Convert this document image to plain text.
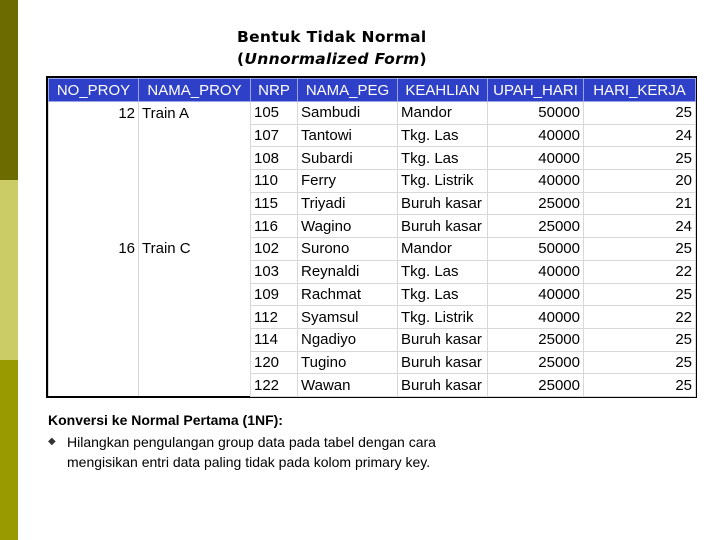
Bentuk Tidak Normal
(Unnormalized Form)
NO_PROY	NAMA_PROY	NRP	NAMA_PEG	KEAHLIAN	UPAH_HARI	HARI_KERJA
12	Train A	105	Sambudi	Mandor	50000	25
		107	Tantowi	Tkg. Las	40000	24
		108	Subardi	Tkg. Las	40000	25
		110	Ferry	Tkg. Listrik	40000	20
		115	Triyadi	Buruh kasar	25000	21
		116	Wagino	Buruh kasar	25000	24
16	Train C	102	Surono	Mandor	50000	25
		103	Reynaldi	Tkg. Las	40000	22
		109	Rachmat	Tkg. Las	40000	25
		112	Syamsul	Tkg. Listrik	40000	22
		114	Ngadiyo	Buruh kasar	25000	25
		120	Tugino	Buruh kasar	25000	25
		122	Wawan	Buruh kasar	25000	25
Konversi ke Normal Pertama (1NF):
◆ Hilangkan pengulangan group data pada tabel dengan cara mengisikan entri data paling tidak pada kolom primary key.
